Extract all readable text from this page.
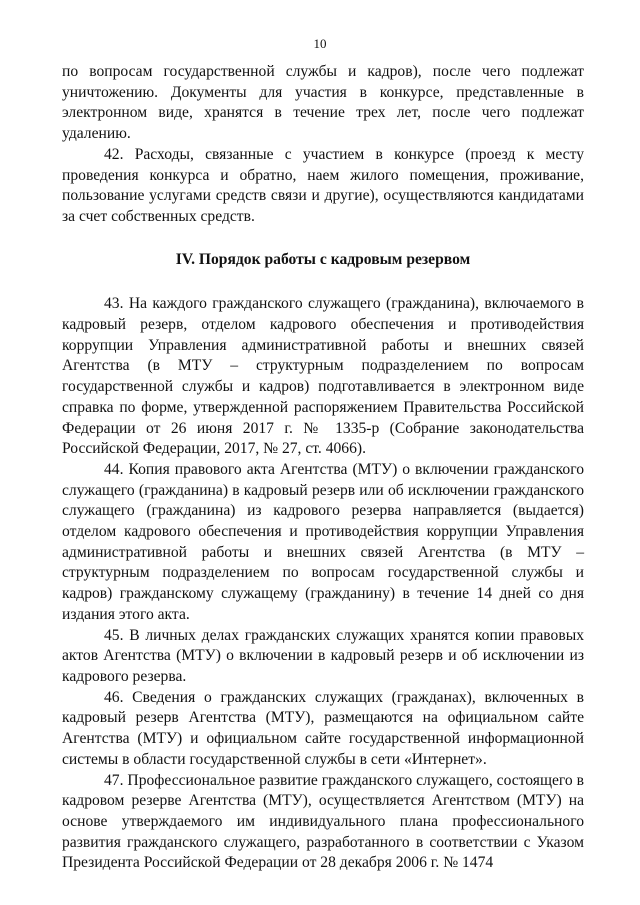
10

по вопросам государственной службы и кадров), после чего подлежат уничтожению. Документы для участия в конкурсе, представленные в электронном виде, хранятся в течение трех лет, после чего подлежат удалению.

42. Расходы, связанные с участием в конкурсе (проезд к месту проведения конкурса и обратно, наем жилого помещения, проживание, пользование услугами средств связи и другие), осуществляются кандидатами за счет собственных средств.

IV. Порядок работы с кадровым резервом

43. На каждого гражданского служащего (гражданина), включаемого в кадровый резерв, отделом кадрового обеспечения и противодействия коррупции Управления административной работы и внешних связей Агентства (в МТУ – структурным подразделением по вопросам государственной службы и кадров) подготавливается в электронном виде справка по форме, утвержденной распоряжением Правительства Российской Федерации от 26 июня 2017 г. № 1335-р (Собрание законодательства Российской Федерации, 2017, № 27, ст. 4066).

44. Копия правового акта Агентства (МТУ) о включении гражданского служащего (гражданина) в кадровый резерв или об исключении гражданского служащего (гражданина) из кадрового резерва направляется (выдается) отделом кадрового обеспечения и противодействия коррупции Управления административной работы и внешних связей Агентства (в МТУ – структурным подразделением по вопросам государственной службы и кадров) гражданскому служащему (гражданину) в течение 14 дней со дня издания этого акта.

45. В личных делах гражданских служащих хранятся копии правовых актов Агентства (МТУ) о включении в кадровый резерв и об исключении из кадрового резерва.

46. Сведения о гражданских служащих (гражданах), включенных в кадровый резерв Агентства (МТУ), размещаются на официальном сайте Агентства (МТУ) и официальном сайте государственной информационной системы в области государственной службы в сети «Интернет».

47. Профессиональное развитие гражданского служащего, состоящего в кадровом резерве Агентства (МТУ), осуществляется Агентством (МТУ) на основе утверждаемого им индивидуального плана профессионального развития гражданского служащего, разработанного в соответствии с Указом Президента Российской Федерации от 28 декабря 2006 г. № 1474
